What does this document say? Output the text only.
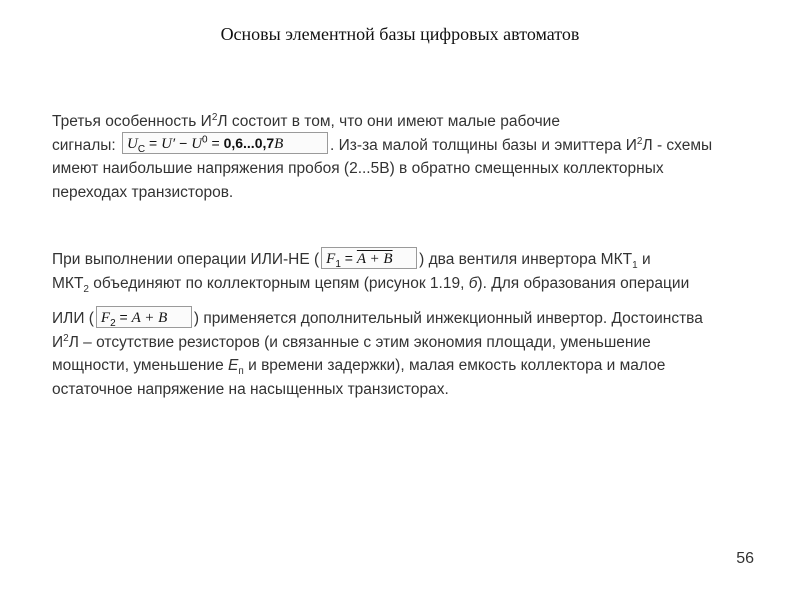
Основы элементной базы цифровых автоматов
Третья особенность $И^2Л$ состоит в том, что они имеют малые рабочие
сигналы: $U_C = U' - U^0 = 0,6...0,7B$	. Из-за малой толщины базы и эмиттера $И^2Л$ - схемы
имеют наибольшие напряжения пробоя (2...5В) в обратно смещенных коллекторных
переходах транзисторов.
При выполнении операции ИЛИ-НЕ ( $F_1 = A + B$ ) два вентиля инвертора $МКТ_1$ и
$МКТ_2$ объединяют по коллекторным цепям (рисунок 1.19, б). Для образования операции
ИЛИ ( $F_2 = A + B$ ) применяется дополнительный инжекционный инвертор. Достоинства
$И^2Л$ – отсутствие резисторов (и связанные с этим экономия площади, уменьшение
мощности, уменьшение $E_п$ и времени задержки), малая емкость коллектора и малое
остаточное напряжение на насыщенных транзисторах.
56
